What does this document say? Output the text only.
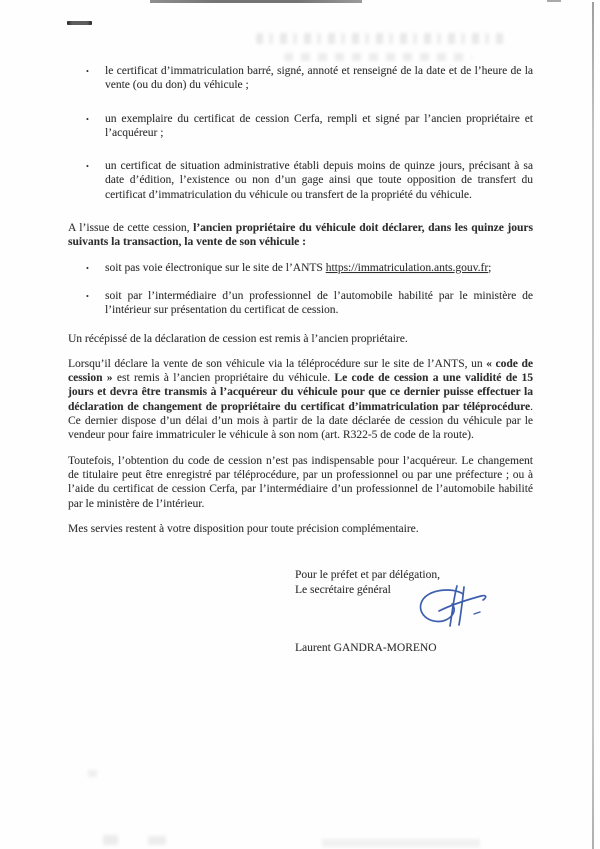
• le certificat d’immatriculation barré, signé, annoté et renseigné de la date et de l’heure de la vente (ou du don) du véhicule ;
• un exemplaire du certificat de cession Cerfa, rempli et signé par l’ancien propriétaire et l’acquéreur ;
• un certificat de situation administrative établi depuis moins de quinze jours, précisant à sa date d’édition, l’existence ou non d’un gage ainsi que toute opposition de transfert du certificat d’immatriculation du véhicule ou transfert de la propriété du véhicule.

A l’issue de cette cession, l’ancien propriétaire du véhicule doit déclarer, dans les quinze jours suivants la transaction, la vente de son véhicule :

• soit pas voie électronique sur le site de l’ANTS https://immatriculation.ants.gouv.fr;
• soit par l’intermédiaire d’un professionnel de l’automobile habilité par le ministère de l’intérieur sur présentation du certificat de cession.

Un récépissé de la déclaration de cession est remis à l’ancien propriétaire.

Lorsqu’il déclare la vente de son véhicule via la téléprocédure sur le site de l’ANTS, un « code de cession » est remis à l’ancien propriétaire du véhicule. Le code de cession a une validité de 15 jours et devra être transmis à l’acquéreur du véhicule pour que ce dernier puisse effectuer la déclaration de changement de propriétaire du certificat d’immatriculation par téléprocédure. Ce dernier dispose d’un délai d’un mois à partir de la date déclarée de cession du véhicule par le vendeur pour faire immatriculer le véhicule à son nom (art. R322-5 de code de la route).

Toutefois, l’obtention du code de cession n’est pas indispensable pour l’acquéreur. Le changement de titulaire peut être enregistré par téléprocédure, par un professionnel ou par une préfecture ; ou à l’aide du certificat de cession Cerfa, par l’intermédiaire d’un professionnel de l’automobile habilité par le ministère de l’intérieur.

Mes servies restent à votre disposition pour toute précision complémentaire.

Pour le préfet et par délégation,
Le secrétaire général
Laurent GANDRA-MORENO
